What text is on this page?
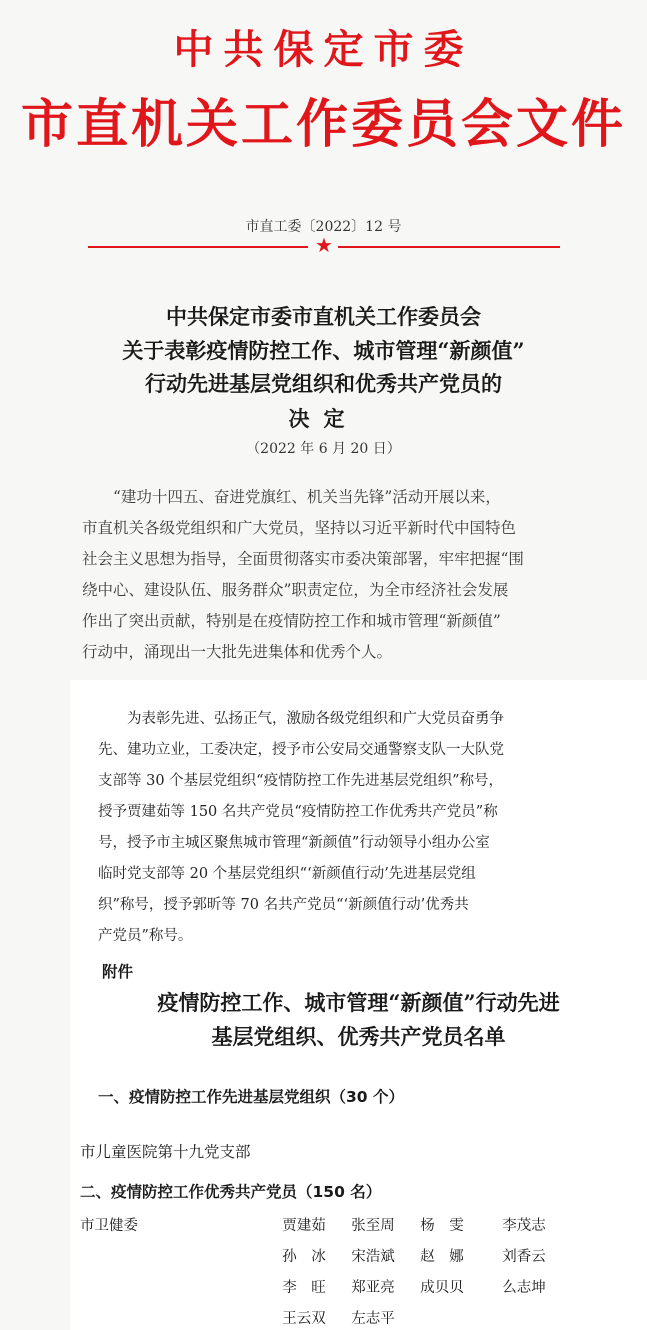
中共保定市委
市直机关工作委员会文件
市直工委〔2022〕12 号
★
中共保定市委市直机关工作委员会
关于表彰疫情防控工作、城市管理“新颜值”
行动先进基层党组织和优秀共产党员的
决定
（2022 年 6 月 20 日）
“建功十四五、奋进党旗红、机关当先锋”活动开展以来，
市直机关各级党组织和广大党员，坚持以习近平新时代中国特色
社会主义思想为指导，全面贯彻落实市委决策部署，牢牢把握“围
绕中心、建设队伍、服务群众”职责定位，为全市经济社会发展
作出了突出贡献，特别是在疫情防控工作和城市管理“新颜值”
行动中，涌现出一大批先进集体和优秀个人。
为表彰先进、弘扬正气，激励各级党组织和广大党员奋勇争
先、建功立业，工委决定，授予市公安局交通警察支队一大队党
支部等 30 个基层党组织“疫情防控工作先进基层党组织”称号，
授予贾建茹等 150 名共产党员“疫情防控工作优秀共产党员”称
号，授予市主城区聚焦城市管理“新颜值”行动领导小组办公室
临时党支部等 20 个基层党组织“‘新颜值行动’先进基层党组
织”称号，授予郭昕等 70 名共产党员“‘新颜值行动’优秀共
产党员”称号。
附件
疫情防控工作、城市管理“新颜值”行动先进
基层党组织、优秀共产党员名单
一、疫情防控工作先进基层党组织（30 个）
市儿童医院第十九党支部
二、疫情防控工作优秀共产党员（150 名）
市卫健委	贾建茹	张至周	杨　雯	李茂志
孙　冰	宋浩斌	赵　娜	刘香云
李　旺	郑亚亮	成贝贝	么志坤
王云双	左志平
